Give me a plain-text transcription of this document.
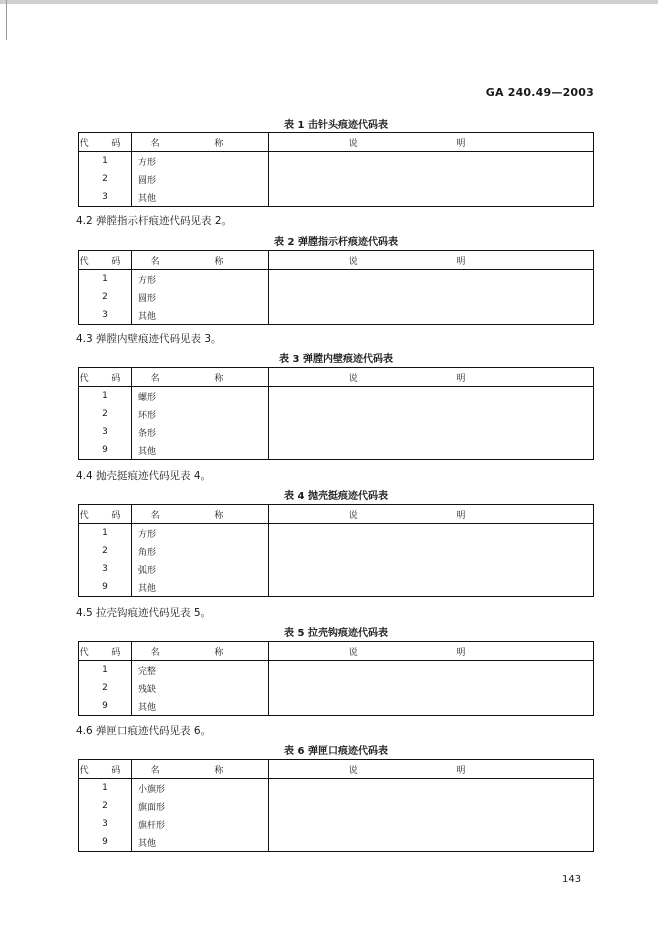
GA 240.49—2003
表 1 击针头痕迹代码表
代 码	名 称	说 明
1	方形	
2	圆形	
3	其他	
4.2 弹膛指示杆痕迹代码见表 2。
表 2 弹膛指示杆痕迹代码表
代 码	名 称	说 明
1	方形	
2	圆形	
3	其他	
4.3 弹膛内壁痕迹代码见表 3。
表 3 弹膛内壁痕迹代码表
代 码	名 称	说 明
1	螺形	
2	环形	
3	条形	
9	其他	
4.4 抛壳挺痕迹代码见表 4。
表 4 抛壳挺痕迹代码表
代 码	名 称	说 明
1	方形	
2	角形	
3	弧形	
9	其他	
4.5 拉壳钩痕迹代码见表 5。
表 5 拉壳钩痕迹代码表
代 码	名 称	说 明
1	完整	
2	残缺	
9	其他	
4.6 弹匣口痕迹代码见表 6。
表 6 弹匣口痕迹代码表
代 码	名 称	说 明
1	小旗形	
2	旗面形	
3	旗杆形	
9	其他	
143
